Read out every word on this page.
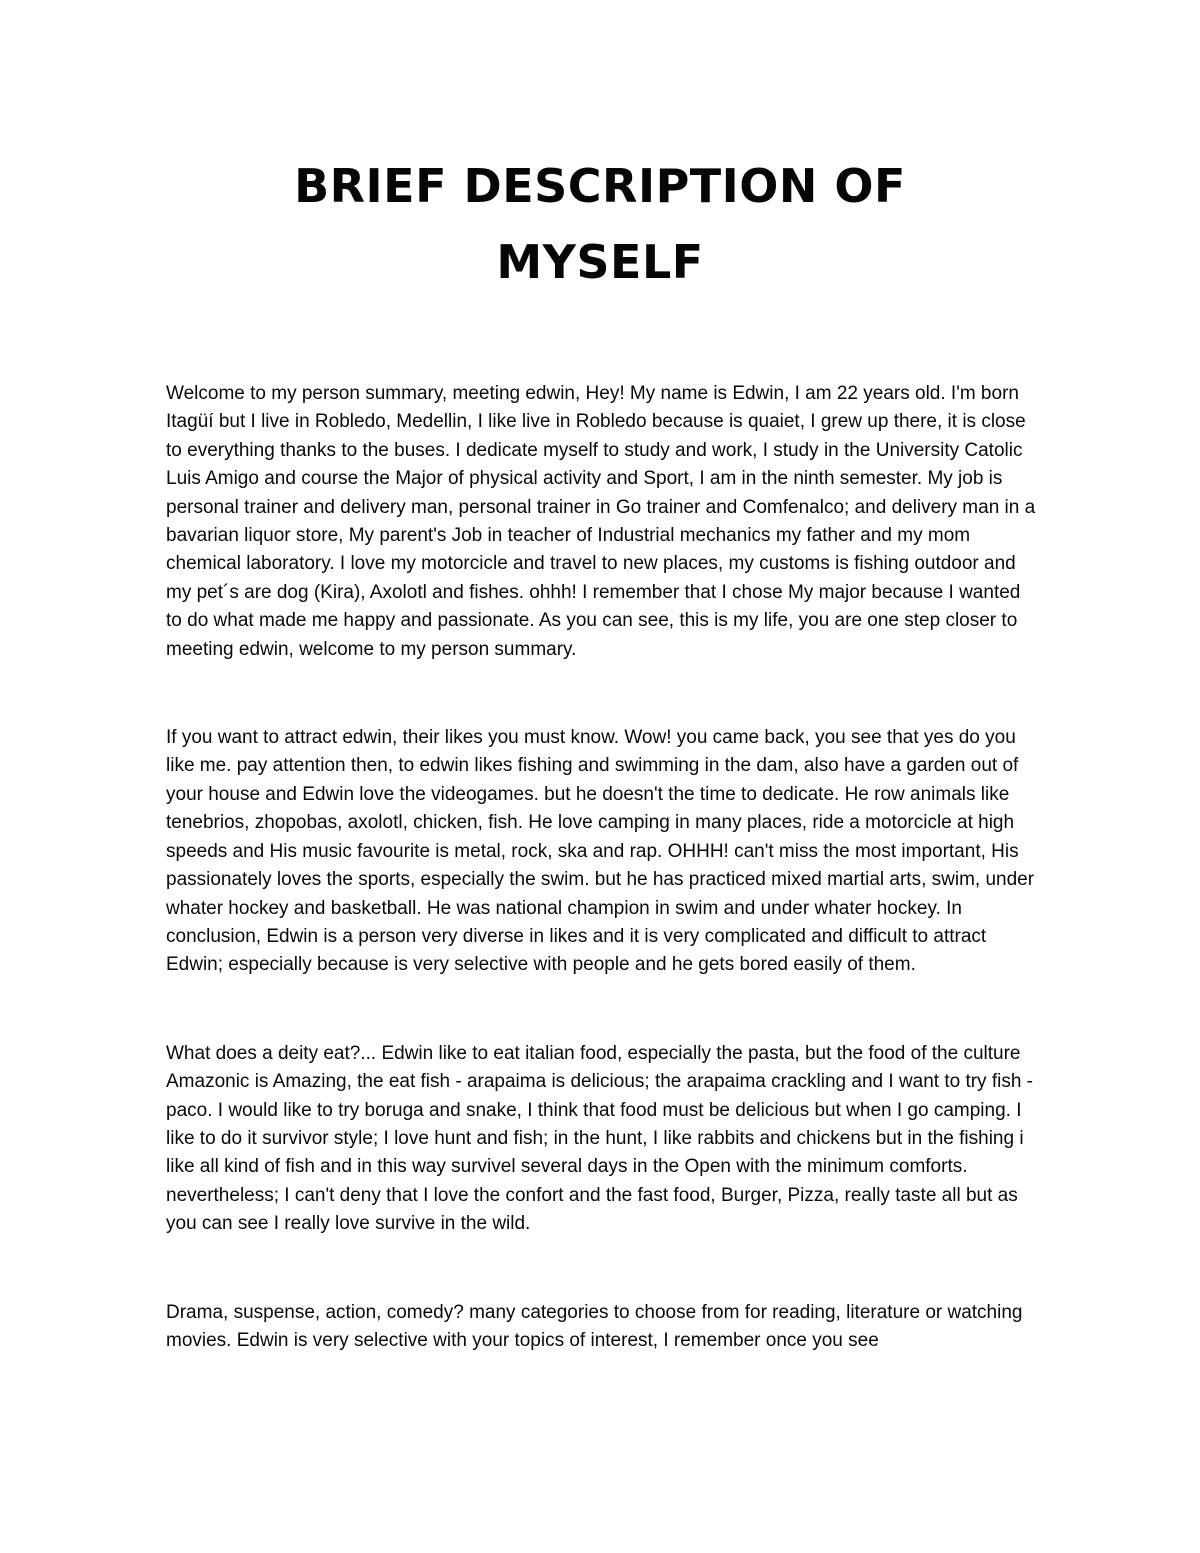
BRIEF DESCRIPTION OF MYSELF

Welcome to my person summary, meeting edwin, Hey! My name is Edwin, I am 22 years old. I'm born Itagüí but I live in Robledo, Medellin, I like live in Robledo because is quaiet, I grew up there, it is close to everything thanks to the buses. I dedicate myself to study and work, I study in the University Catolic Luis Amigo and course the Major of physical activity and Sport, I am in the ninth semester. My job is personal trainer and delivery man, personal trainer in Go trainer and Comfenalco; and delivery man in a bavarian liquor store, My parent's Job in teacher of Industrial mechanics my father and my mom chemical laboratory. I love my motorcicle and travel to new places, my customs is fishing outdoor and my pet´s are dog (Kira), Axolotl and fishes. ohhh! I remember that I chose My major because I wanted to do what made me happy and passionate. As you can see, this is my life, you are one step closer to meeting edwin, welcome to my person summary.

If you want to attract edwin, their likes you must know. Wow! you came back, you see that yes do you like me. pay attention then, to edwin likes fishing and swimming in the dam, also have a garden out of your house and Edwin love the videogames. but he doesn't the time to dedicate. He row animals like tenebrios, zhopobas, axolotl, chicken, fish. He love camping in many places, ride a motorcicle at high speeds and His music favourite is metal, rock, ska and rap. OHHH! can't miss the most important, His passionately loves the sports, especially the swim. but he has practiced mixed martial arts, swim, under whater hockey and basketball. He was national champion in swim and under whater hockey. In conclusion, Edwin is a person very diverse in likes and it is very complicated and difficult to attract Edwin; especially because is very selective with people and he gets bored easily of them.

What does a deity eat?... Edwin like to eat italian food, especially the pasta, but the food of the culture Amazonic is Amazing, the eat fish - arapaima is delicious; the arapaima crackling and I want to try fish - paco. I would like to try boruga and snake, I think that food must be delicious but when I go camping. I like to do it survivor style; I love hunt and fish; in the hunt, I like rabbits and chickens but in the fishing i like all kind of fish and in this way survivel several days in the Open with the minimum comforts. nevertheless; I can't deny that I love the confort and the fast food, Burger, Pizza, really taste all but as you can see I really love survive in the wild.

Drama, suspense, action, comedy? many categories to choose from for reading, literature or watching movies. Edwin is very selective with your topics of interest, I remember once you see
